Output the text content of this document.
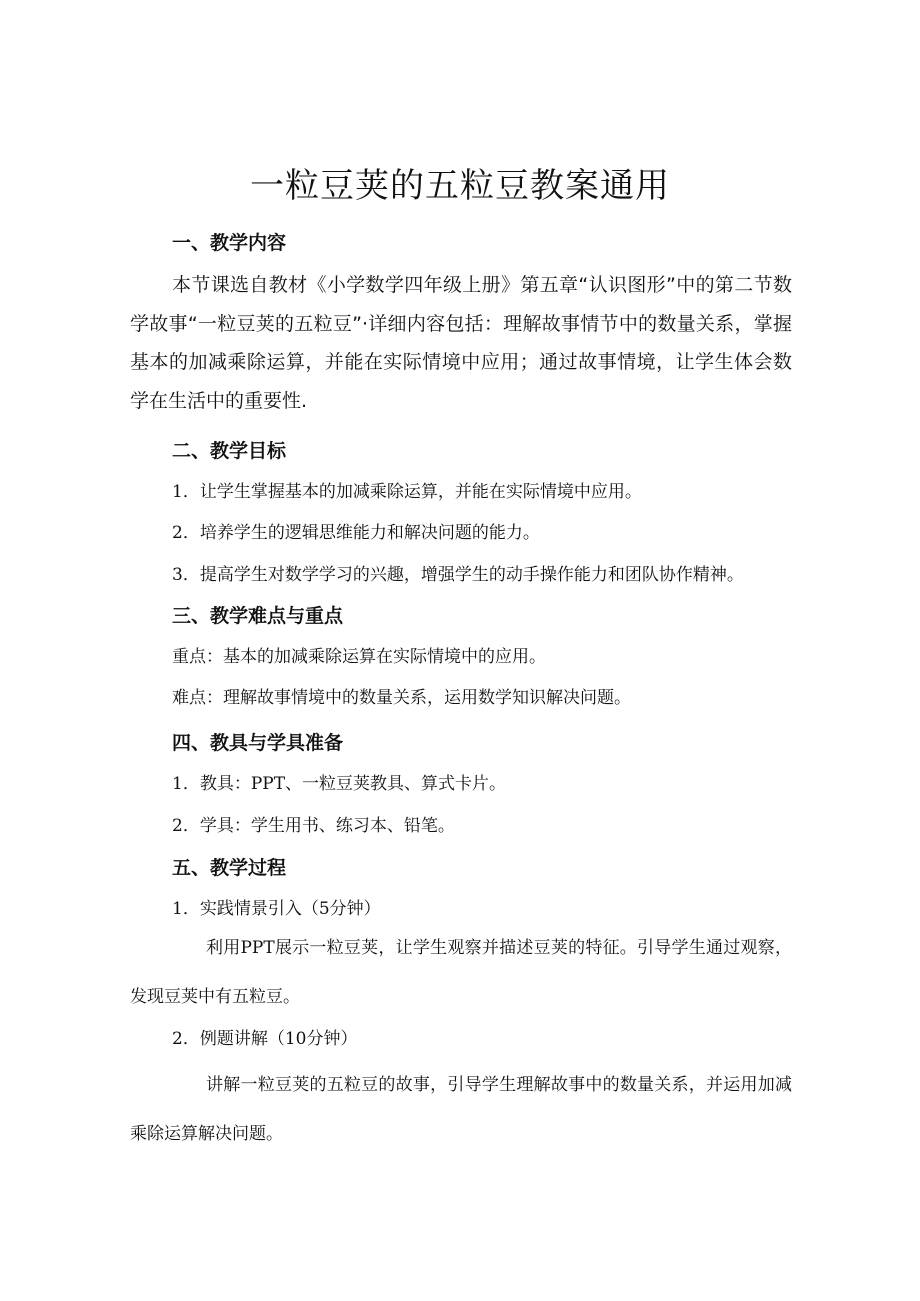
一粒豆荚的五粒豆教案通用
一、教学内容

本节课选自教材《小学数学四年级上册》第五章“认识图形”中的第二节数学故事“一粒豆荚的五粒豆”·详细内容包括：理解故事情节中的数量关系，掌握基本的加减乘除运算，并能在实际情境中应用；通过故事情境，让学生体会数学在生活中的重要性.

二、教学目标

1．让学生掌握基本的加减乘除运算，并能在实际情境中应用。

2．培养学生的逻辑思维能力和解决问题的能力。

3．提高学生对数学学习的兴趣，增强学生的动手操作能力和团队协作精神。

三、教学难点与重点

重点：基本的加减乘除运算在实际情境中的应用。

难点：理解故事情境中的数量关系，运用数学知识解决问题。

四、教具与学具准备

1．教具：PPT、一粒豆荚教具、算式卡片。

2．学具：学生用书、练习本、铅笔。

五、教学过程

1．实践情景引入（5分钟）

利用PPT展示一粒豆荚，让学生观察并描述豆荚的特征。引导学生通过观察，发现豆荚中有五粒豆。

2．例题讲解（10分钟）

讲解一粒豆荚的五粒豆的故事，引导学生理解故事中的数量关系，并运用加减乘除运算解决问题。
